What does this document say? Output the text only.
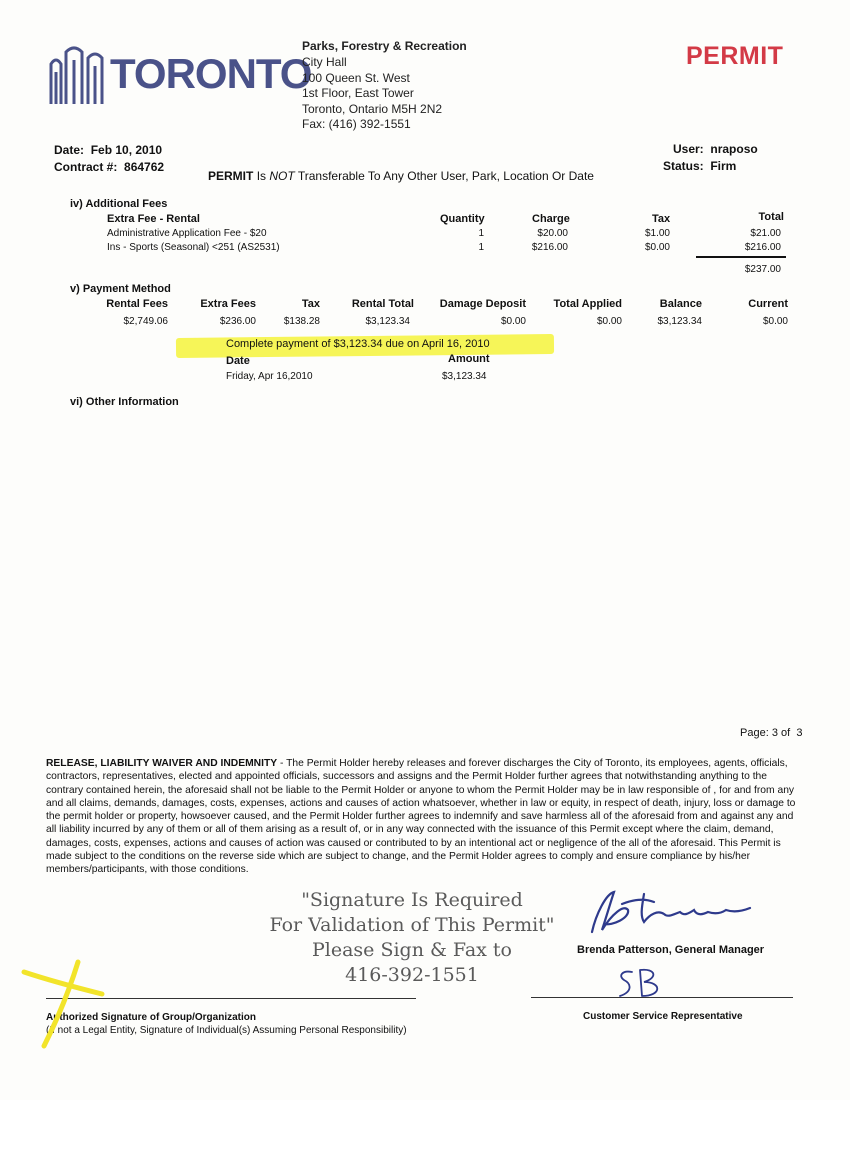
TORONTO
Parks, Forestry & Recreation
City Hall
100 Queen St. West
1st Floor, East Tower
Toronto, Ontario M5H 2N2
Fax: (416) 392-1551
PERMIT
Date: Feb 10, 2010
Contract #: 864762
User: nraposo
Status: Firm
PERMIT Is NOT Transferable To Any Other User, Park, Location Or Date
iv) Additional Fees
Extra Fee - Rental	Quantity	Charge	Tax	Total
Administrative Application Fee - $20	1	$20.00	$1.00	$21.00
Ins - Sports (Seasonal) <251 (AS2531)	1	$216.00	$0.00	$216.00
$237.00
v) Payment Method
Rental Fees	Extra Fees	Tax	Rental Total	Damage Deposit	Total Applied	Balance	Current
$2,749.06	$236.00	$138.28	$3,123.34	$0.00	$0.00	$3,123.34	$0.00
Complete payment of $3,123.34 due on April 16, 2010
Date	Amount
Friday, Apr 16,2010	$3,123.34
vi) Other Information
Page: 3 of 3
RELEASE, LIABILITY WAIVER AND INDEMNITY - The Permit Holder hereby releases and forever discharges the City of Toronto, its employees, agents, officials, contractors, representatives, elected and appointed officials, successors and assigns and the Permit Holder further agrees that notwithstanding anything to the contrary contained herein, the aforesaid shall not be liable to the Permit Holder or anyone to whom the Permit Holder may be in law responsible of , for and from any and all claims, demands, damages, costs, expenses, actions and causes of action whatsoever, whether in law or equity, in respect of death, injury, loss or damage to the permit holder or property, howsoever caused, and the Permit Holder further agrees to indemnify and save harmless all of the aforesaid from and against any and all liability incurred by any of them or all of them arising as a result of, or in any way connected with the issuance of this Permit except where the claim, demand, damages, costs, expenses, actions and causes of action was caused or contributed to by an intentional act or negligence of the all of the aforesaid. This Permit is made subject to the conditions on the reverse side which are subject to change, and the Permit Holder agrees to comply and ensure compliance by his/her members/participants, with those conditions.
"Signature Is Required
For Validation of This Permit"
Please Sign & Fax to
416-392-1551
Brenda Patterson, General Manager
Authorized Signature of Group/Organization
(If not a Legal Entity, Signature of Individual(s) Assuming Personal Responsibility)
Customer Service Representative
